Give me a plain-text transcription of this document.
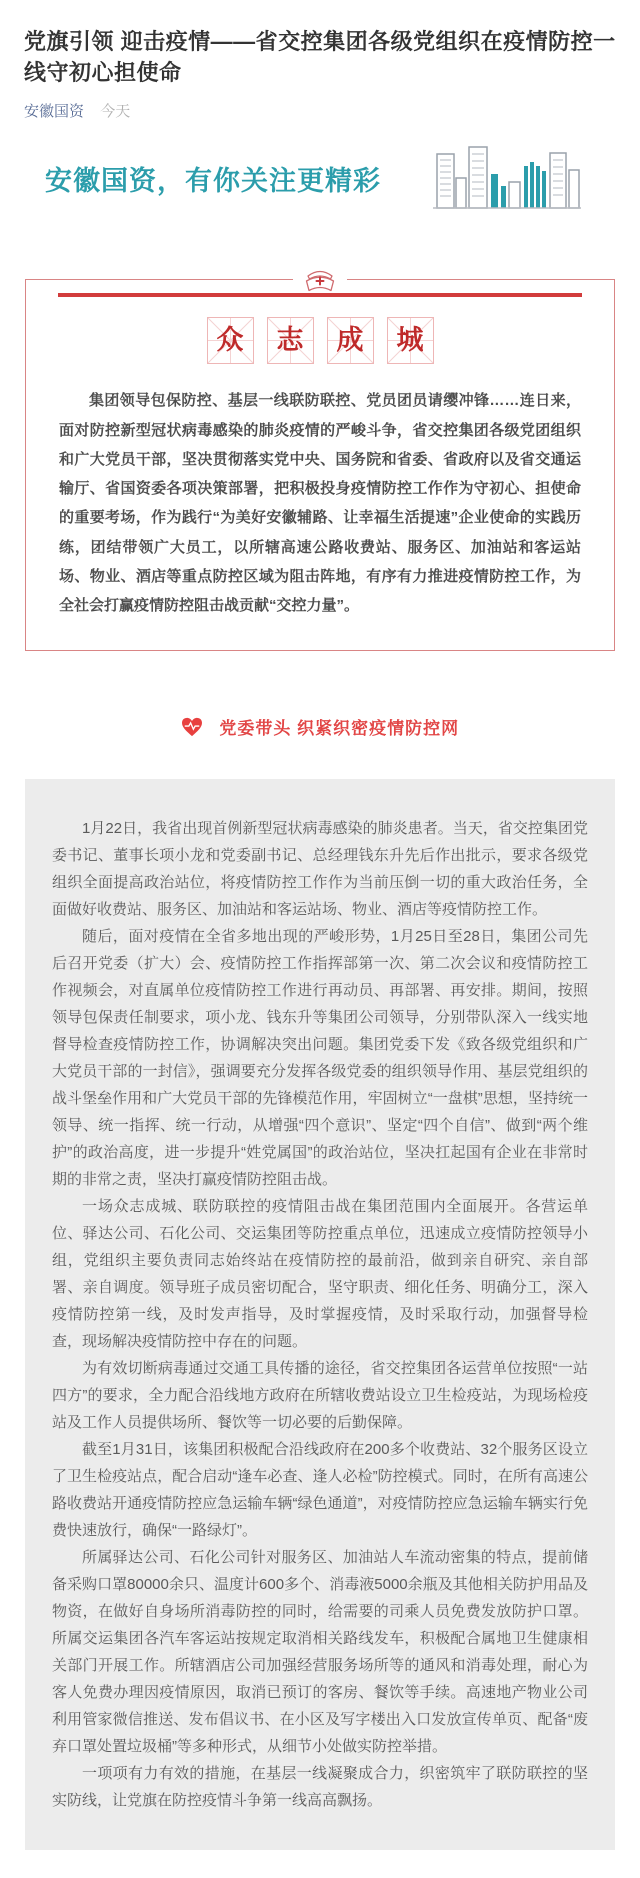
党旗引领 迎击疫情——省交控集团各级党组织在疫情防控一线守初心担使命
安徽国资 今天
安徽国资，有你关注更精彩
众 志 成 城

集团领导包保防控、基层一线联防联控、党员团员请缨冲锋……连日来，面对防控新型冠状病毒感染的肺炎疫情的严峻斗争，省交控集团各级党团组织和广大党员干部，坚决贯彻落实党中央、国务院和省委、省政府以及省交通运输厅、省国资委各项决策部署，把积极投身疫情防控工作作为守初心、担使命的重要考场，作为践行“为美好安徽辅路、让幸福生活提速”企业使命的实践历练，团结带领广大员工，以所辖高速公路收费站、服务区、加油站和客运站场、物业、酒店等重点防控区域为阻击阵地，有序有力推进疫情防控工作，为全社会打赢疫情防控阻击战贡献“交控力量”。

党委带头 织紧织密疫情防控网

1月22日，我省出现首例新型冠状病毒感染的肺炎患者。当天，省交控集团党委书记、董事长项小龙和党委副书记、总经理钱东升先后作出批示，要求各级党组织全面提高政治站位，将疫情防控工作作为当前压倒一切的重大政治任务，全面做好收费站、服务区、加油站和客运站场、物业、酒店等疫情防控工作。

随后，面对疫情在全省多地出现的严峻形势，1月25日至28日，集团公司先后召开党委（扩大）会、疫情防控工作指挥部第一次、第二次会议和疫情防控工作视频会，对直属单位疫情防控工作进行再动员、再部署、再安排。期间，按照领导包保责任制要求，项小龙、钱东升等集团公司领导，分别带队深入一线实地督导检查疫情防控工作，协调解决突出问题。集团党委下发《致各级党组织和广大党员干部的一封信》，强调要充分发挥各级党委的组织领导作用、基层党组织的战斗堡垒作用和广大党员干部的先锋模范作用，牢固树立“一盘棋”思想，坚持统一领导、统一指挥、统一行动，从增强“四个意识”、坚定“四个自信”、做到“两个维护”的政治高度，进一步提升“姓党属国”的政治站位，坚决扛起国有企业在非常时期的非常之责，坚决打赢疫情防控阻击战。

一场众志成城、联防联控的疫情阻击战在集团范围内全面展开。各营运单位、驿达公司、石化公司、交运集团等防控重点单位，迅速成立疫情防控领导小组，党组织主要负责同志始终站在疫情防控的最前沿，做到亲自研究、亲自部署、亲自调度。领导班子成员密切配合，坚守职责、细化任务、明确分工，深入疫情防控第一线，及时发声指导，及时掌握疫情，及时采取行动，加强督导检查，现场解决疫情防控中存在的问题。

为有效切断病毒通过交通工具传播的途径，省交控集团各运营单位按照“一站四方”的要求，全力配合沿线地方政府在所辖收费站设立卫生检疫站，为现场检疫站及工作人员提供场所、餐饮等一切必要的后勤保障。

截至1月31日，该集团积极配合沿线政府在200多个收费站、32个服务区设立了卫生检疫站点，配合启动“逢车必查、逢人必检”防控模式。同时，在所有高速公路收费站开通疫情防控应急运输车辆“绿色通道”，对疫情防控应急运输车辆实行免费快速放行，确保“一路绿灯”。

所属驿达公司、石化公司针对服务区、加油站人车流动密集的特点，提前储备采购口罩80000余只、温度计600多个、消毒液5000余瓶及其他相关防护用品及物资，在做好自身场所消毒防控的同时，给需要的司乘人员免费发放防护口罩。所属交运集团各汽车客运站按规定取消相关路线发车，积极配合属地卫生健康相关部门开展工作。所辖酒店公司加强经营服务场所等的通风和消毒处理，耐心为客人免费办理因疫情原因，取消已预订的客房、餐饮等手续。高速地产物业公司利用管家微信推送、发布倡议书、在小区及写字楼出入口发放宣传单页、配备“废弃口罩处置垃圾桶”等多种形式，从细节小处做实防控举措。

一项项有力有效的措施，在基层一线凝聚成合力，织密筑牢了联防联控的坚实防线，让党旗在防控疫情斗争第一线高高飘扬。
